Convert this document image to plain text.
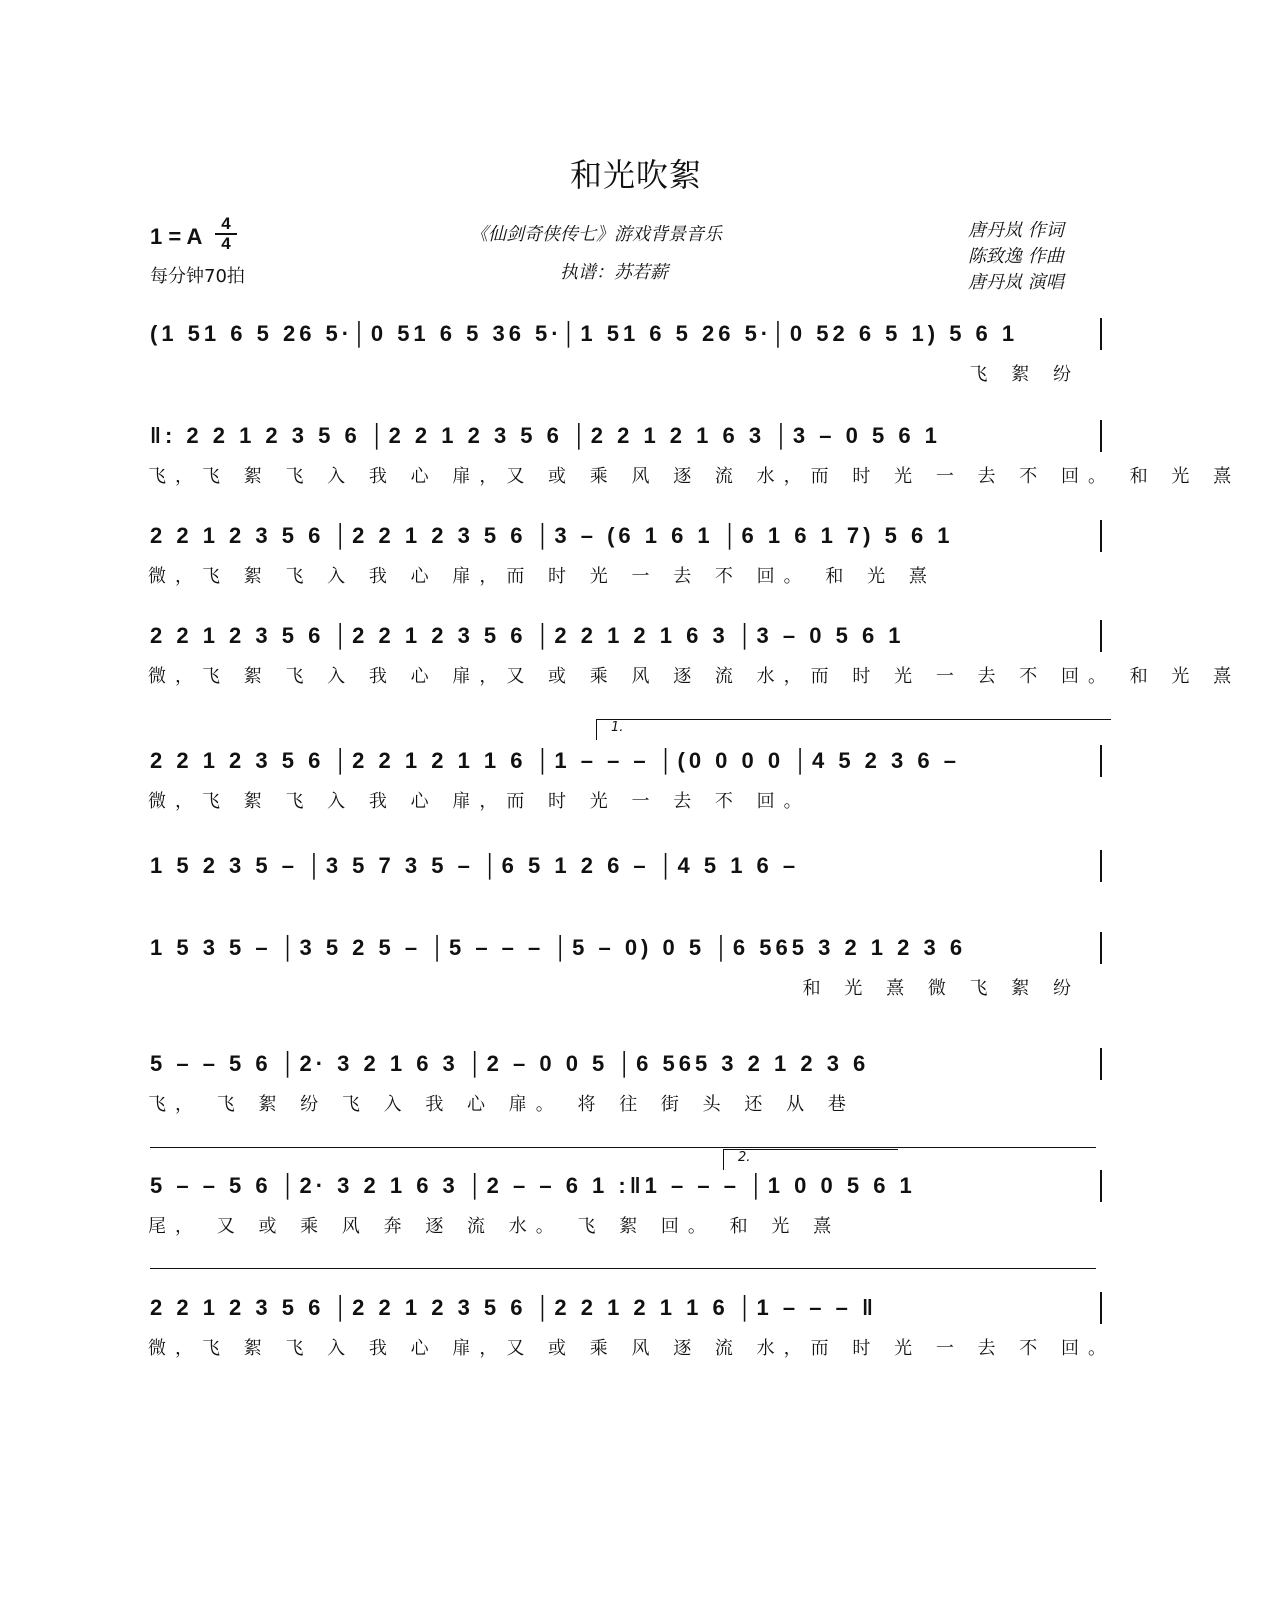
和光吹絮
1 = A
4
4
每分钟70拍
《仙剑奇侠传七》游戏背景音乐
执谱：苏若薪
唐丹岚 作词
陈致逸 作曲
唐丹岚 演唱
1.
2.
(1 51 6 5 26 5·│0 51 6 5 36 5·│1 51 6 5 26 5·│0 52 6 5 1) 5 6 1
飞 絮 纷
‖: 2 2 1 2 3 5 6 │2 2 1 2 3 5 6 │2 2 1 2 1 6 3 │3 – 0 5 6 1
飞，飞 絮 飞 入 我 心 扉，又 或 乘 风 逐 流 水，而 时 光 一 去 不 回。 和 光 熹
2 2 1 2 3 5 6 │2 2 1 2 3 5 6 │3 – (6 1 6 1 │6 1 6 1 7) 5 6 1
微，飞 絮 飞 入 我 心 扉，而 时 光 一 去 不 回。 和 光 熹
2 2 1 2 3 5 6 │2 2 1 2 3 5 6 │2 2 1 2 1 6 3 │3 – 0 5 6 1
微，飞 絮 飞 入 我 心 扉，又 或 乘 风 逐 流 水，而 时 光 一 去 不 回。 和 光 熹
2 2 1 2 3 5 6 │2 2 1 2 1 1 6 │1 – – – │(0 0 0 0 │4 5 2 3 6 –
微，飞 絮 飞 入 我 心 扉，而 时 光 一 去 不 回。
1 5 2 3 5 – │3 5 7 3 5 – │6 5 1 2 6 – │4 5 1 6 –
1 5 3 5 – │3 5 2 5 – │5 – – – │5 – 0) 0 5 │6 565 3 2 1 2 3 6
和 光 熹 微 飞 絮 纷
5 – – 5 6 │2· 3 2 1 6 3 │2 – 0 0 5 │6 565 3 2 1 2 3 6
飞， 飞 絮 纷 飞 入 我 心 扉。 将 往 街 头 还 从 巷
5 – – 5 6 │2· 3 2 1 6 3 │2 – – 6 1 :‖1 – – – │1 0 0 5 6 1
尾， 又 或 乘 风 奔 逐 流 水。 飞 絮 回。 和 光 熹
2 2 1 2 3 5 6 │2 2 1 2 3 5 6 │2 2 1 2 1 1 6 │1 – – – ‖
微，飞 絮 飞 入 我 心 扉，又 或 乘 风 逐 流 水，而 时 光 一 去 不 回。
